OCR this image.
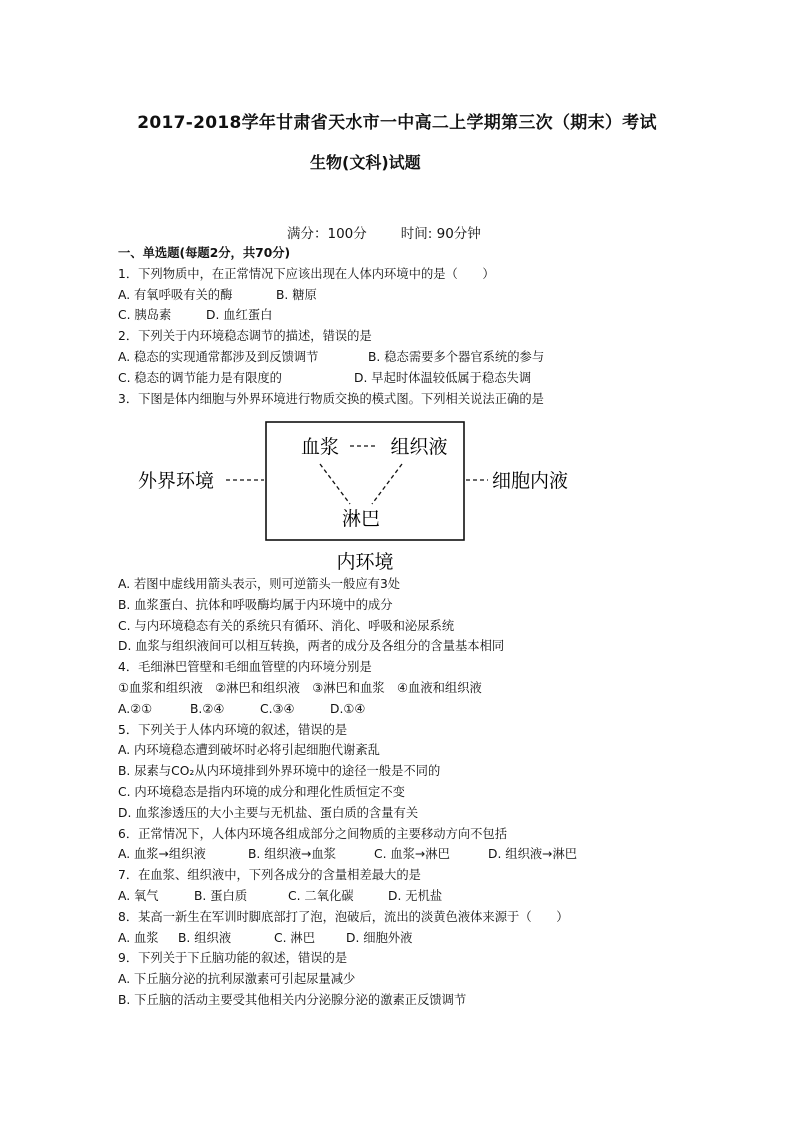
2017-2018学年甘肃省天水市一中高二上学期第三次（期末）考试
生物(文科)试题
满分：100分	时间: 90分钟
一、单选题(每题2分，共70分)
1．下列物质中，在正常情况下应该出现在人体内环境中的是（　　）
A. 有氧呼吸有关的酶	B. 糖原
C. 胰岛素	D. 血红蛋白
2．下列关于内环境稳态调节的描述，错误的是
A. 稳态的实现通常都涉及到反馈调节	B. 稳态需要多个器官系统的参与
C. 稳态的调节能力是有限度的	D. 早起时体温较低属于稳态失调
3．下图是体内细胞与外界环境进行物质交换的模式图。下列相关说法正确的是
血浆	组织液
淋巴
外界环境	细胞内液
内环境
A. 若图中虚线用箭头表示，则可逆箭头一般应有3处
B. 血浆蛋白、抗体和呼吸酶均属于内环境中的成分
C. 与内环境稳态有关的系统只有循环、消化、呼吸和泌尿系统
D. 血浆与组织液间可以相互转换，两者的成分及各组分的含量基本相同
4．毛细淋巴管壁和毛细血管壁的内环境分别是
①血浆和组织液　②淋巴和组织液　③淋巴和血浆　④血液和组织液
A.②①	B.②④	C.③④	D.①④
5．下列关于人体内环境的叙述，错误的是
A. 内环境稳态遭到破坏时必将引起细胞代谢紊乱
B. 尿素与CO₂从内环境排到外界环境中的途径一般是不同的
C. 内环境稳态是指内环境的成分和理化性质恒定不变
D. 血浆渗透压的大小主要与无机盐、蛋白质的含量有关
6．正常情况下，人体内环境各组成部分之间物质的主要移动方向不包括
A. 血浆→组织液	B. 组织液→血浆	C. 血浆→淋巴	D. 组织液→淋巴
7．在血浆、组织液中，下列各成分的含量相差最大的是
A. 氧气	B. 蛋白质	C. 二氧化碳	D. 无机盐
8．某高一新生在军训时脚底部打了泡，泡破后，流出的淡黄色液体来源于（　　）
A. 血浆 B. 组织液	C. 淋巴	D. 细胞外液
9．下列关于下丘脑功能的叙述，错误的是
A. 下丘脑分泌的抗利尿激素可引起尿量减少
B. 下丘脑的活动主要受其他相关内分泌腺分泌的激素正反馈调节
